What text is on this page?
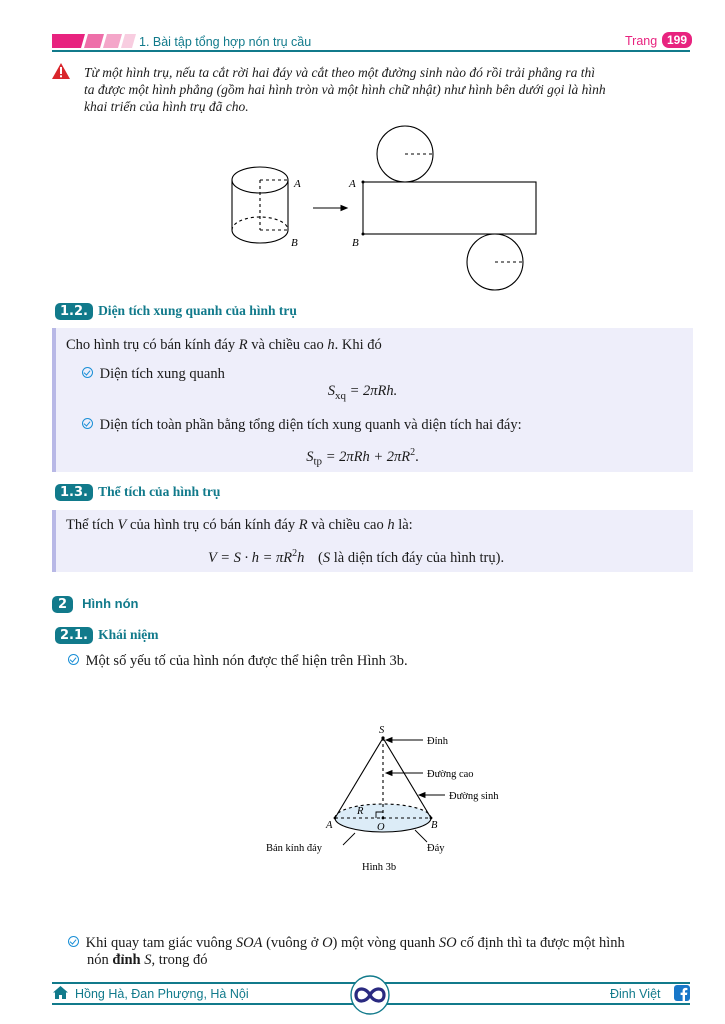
1. Bài tập tổng hợp nón trụ cầu	Trang 199
Từ một hình trụ, nếu ta cắt rời hai đáy và cắt theo một đường sinh nào đó rồi trải phẳng ra thì
ta được một hình phẳng (gồm hai hình tròn và một hình chữ nhật) như hình bên dưới gọi là hình
khai triển của hình trụ đã cho.
A
B
A
B
1.2. Diện tích xung quanh của hình trụ
Cho hình trụ có bán kính đáy R và chiều cao h. Khi đó
Diện tích xung quanh
$S_{xq} = 2\pi Rh$.
Diện tích toàn phần bằng tổng diện tích xung quanh và diện tích hai đáy:
$S_{tp} = 2\pi Rh + 2\pi R^2$.
1.3. Thể tích của hình trụ
Thể tích V của hình trụ có bán kính đáy R và chiều cao h là:
$V = S \cdot h = \pi R^2h$ (S là diện tích đáy của hình trụ).
2 Hình nón
2.1. Khái niệm
Một số yếu tố của hình nón được thể hiện trên Hình 3b.
S
A	B
O
R
Đỉnh
Đường cao
Đường sinh
Bán kính đáy	Đáy
Hình 3b
Khi quay tam giác vuông SOA (vuông ở O) một vòng quanh SO cố định thì ta được một hình
nón đỉnh S, trong đó
Hồng Hà, Đan Phượng, Hà Nội	Đinh Việt
